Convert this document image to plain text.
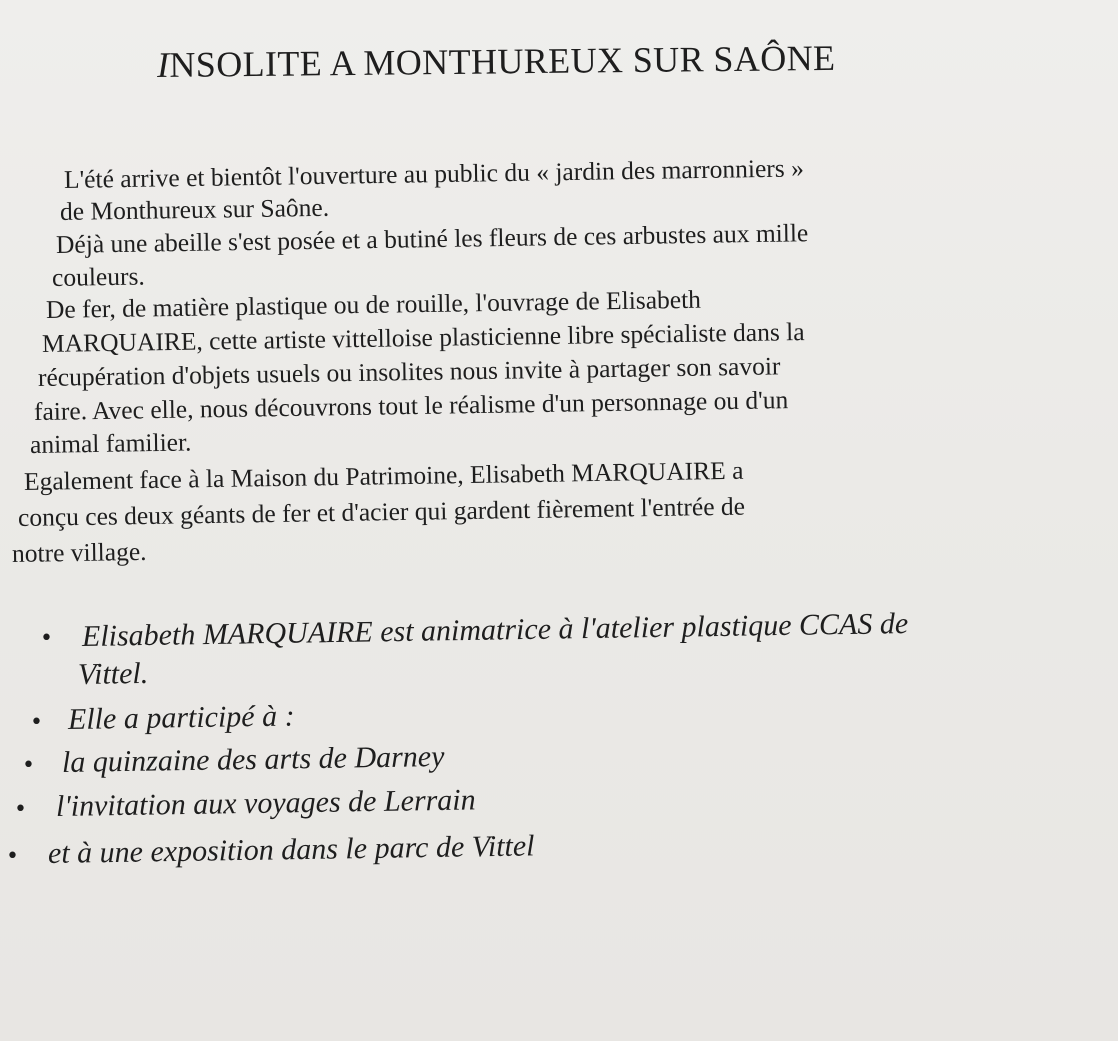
INSOLITE A MONTHUREUX SUR SAÔNE
L'été arrive et bientôt l'ouverture au public du « jardin des marronniers »
de Monthureux sur Saône.
Déjà une abeille s'est posée et a butiné les fleurs de ces arbustes aux mille
couleurs.
De fer, de matière plastique ou de rouille, l'ouvrage de Elisabeth
MARQUAIRE, cette artiste vittelloise plasticienne libre spécialiste dans la
récupération d'objets usuels ou insolites nous invite à partager son savoir
faire. Avec elle, nous découvrons tout le réalisme d'un personnage ou d'un
animal familier.
Egalement face à la Maison du Patrimoine, Elisabeth MARQUAIRE a
conçu ces deux géants de fer et d'acier qui gardent fièrement l'entrée de
notre village.
• Elisabeth MARQUAIRE est animatrice à l'atelier plastique CCAS de
Vittel.
• Elle a participé à :
• la quinzaine des arts de Darney
• l'invitation aux voyages de Lerrain
• et à une exposition dans le parc de Vittel
